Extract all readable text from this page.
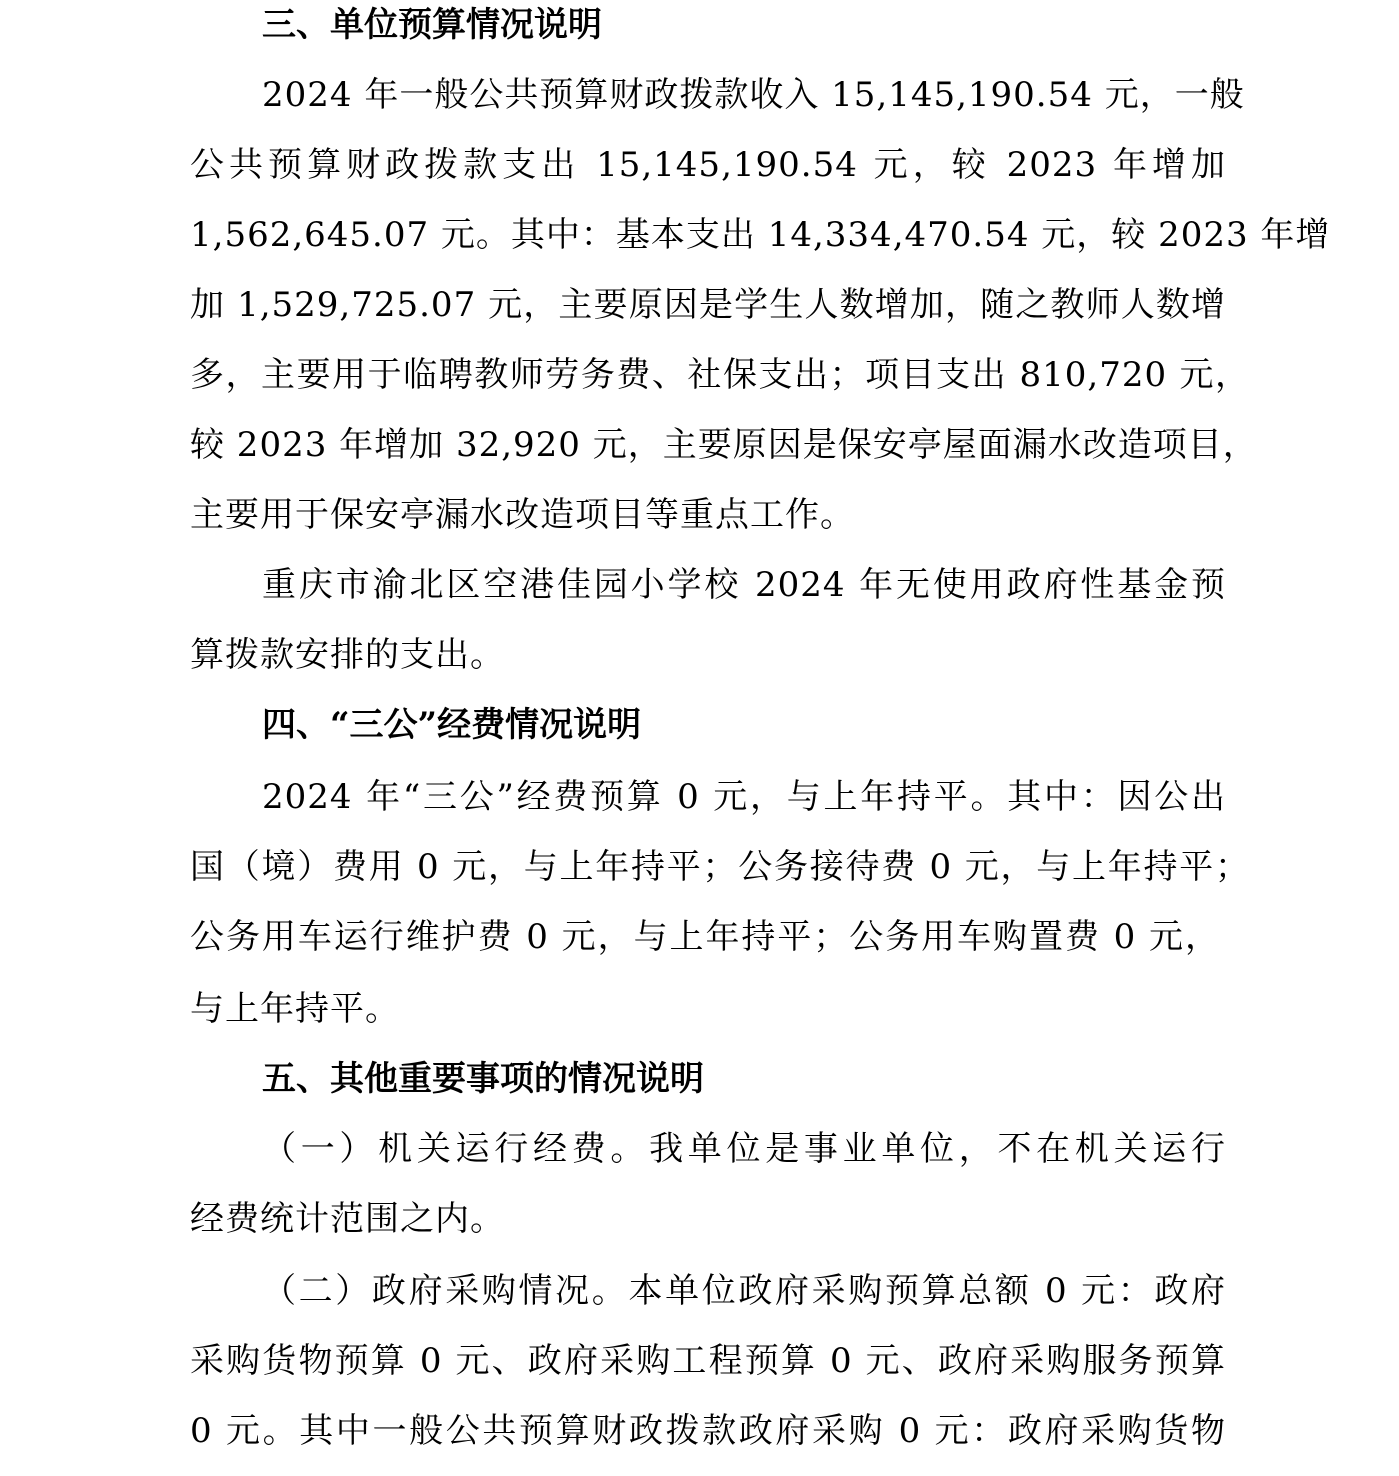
三、单位预算情况说明
2024 年一般公共预算财政拨款收入 15,145,190.54 元，一般
公共预算财政拨款支出 15,145,190.54 元，较 2023 年增加
1,562,645.07 元。其中：基本支出 14,334,470.54 元，较 2023 年增
加 1,529,725.07 元，主要原因是学生人数增加，随之教师人数增
多，主要用于临聘教师劳务费、社保支出；项目支出 810,720 元，
较 2023 年增加 32,920 元，主要原因是保安亭屋面漏水改造项目，
主要用于保安亭漏水改造项目等重点工作。
重庆市渝北区空港佳园小学校 2024 年无使用政府性基金预
算拨款安排的支出。
四、“三公”经费情况说明
2024 年“三公”经费预算 0 元，与上年持平。其中：因公出
国（境）费用 0 元，与上年持平；公务接待费 0 元，与上年持平；
公务用车运行维护费 0 元，与上年持平；公务用车购置费 0 元，
与上年持平。
五、其他重要事项的情况说明
（一）机关运行经费。我单位是事业单位，不在机关运行
经费统计范围之内。
（二）政府采购情况。本单位政府采购预算总额 0 元：政府
采购货物预算 0 元、政府采购工程预算 0 元、政府采购服务预算
0 元。其中一般公共预算财政拨款政府采购 0 元：政府采购货物
